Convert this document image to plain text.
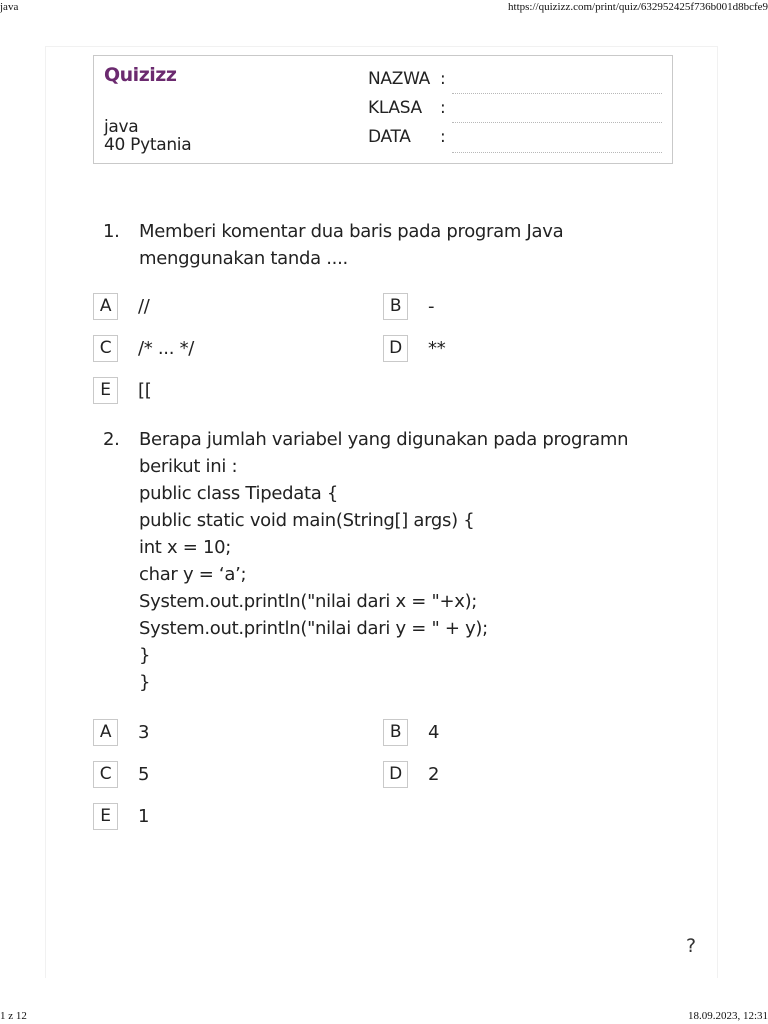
java	https://quizizz.com/print/quiz/632952425f736b001d8bcfe9
1 z 12	18.09.2023, 12:31
Quizizz
java
40 Pytania
NAZWA :
KLASA :
DATA :
1.	Memberi komentar dua baris pada program Java
menggunakan tanda ....
A	//	B	-
C	/* ... */	D	**
E	[[
2.	Berapa jumlah variabel yang digunakan pada programn
berikut ini :
public class Tipedata {
public static void main(String[] args) {
int x = 10;
char y = ‘a’;
System.out.println("nilai dari x = "+x);
System.out.println("nilai dari y = " + y);
}
}
A	3	B	4
C	5	D	2
E	1
?
